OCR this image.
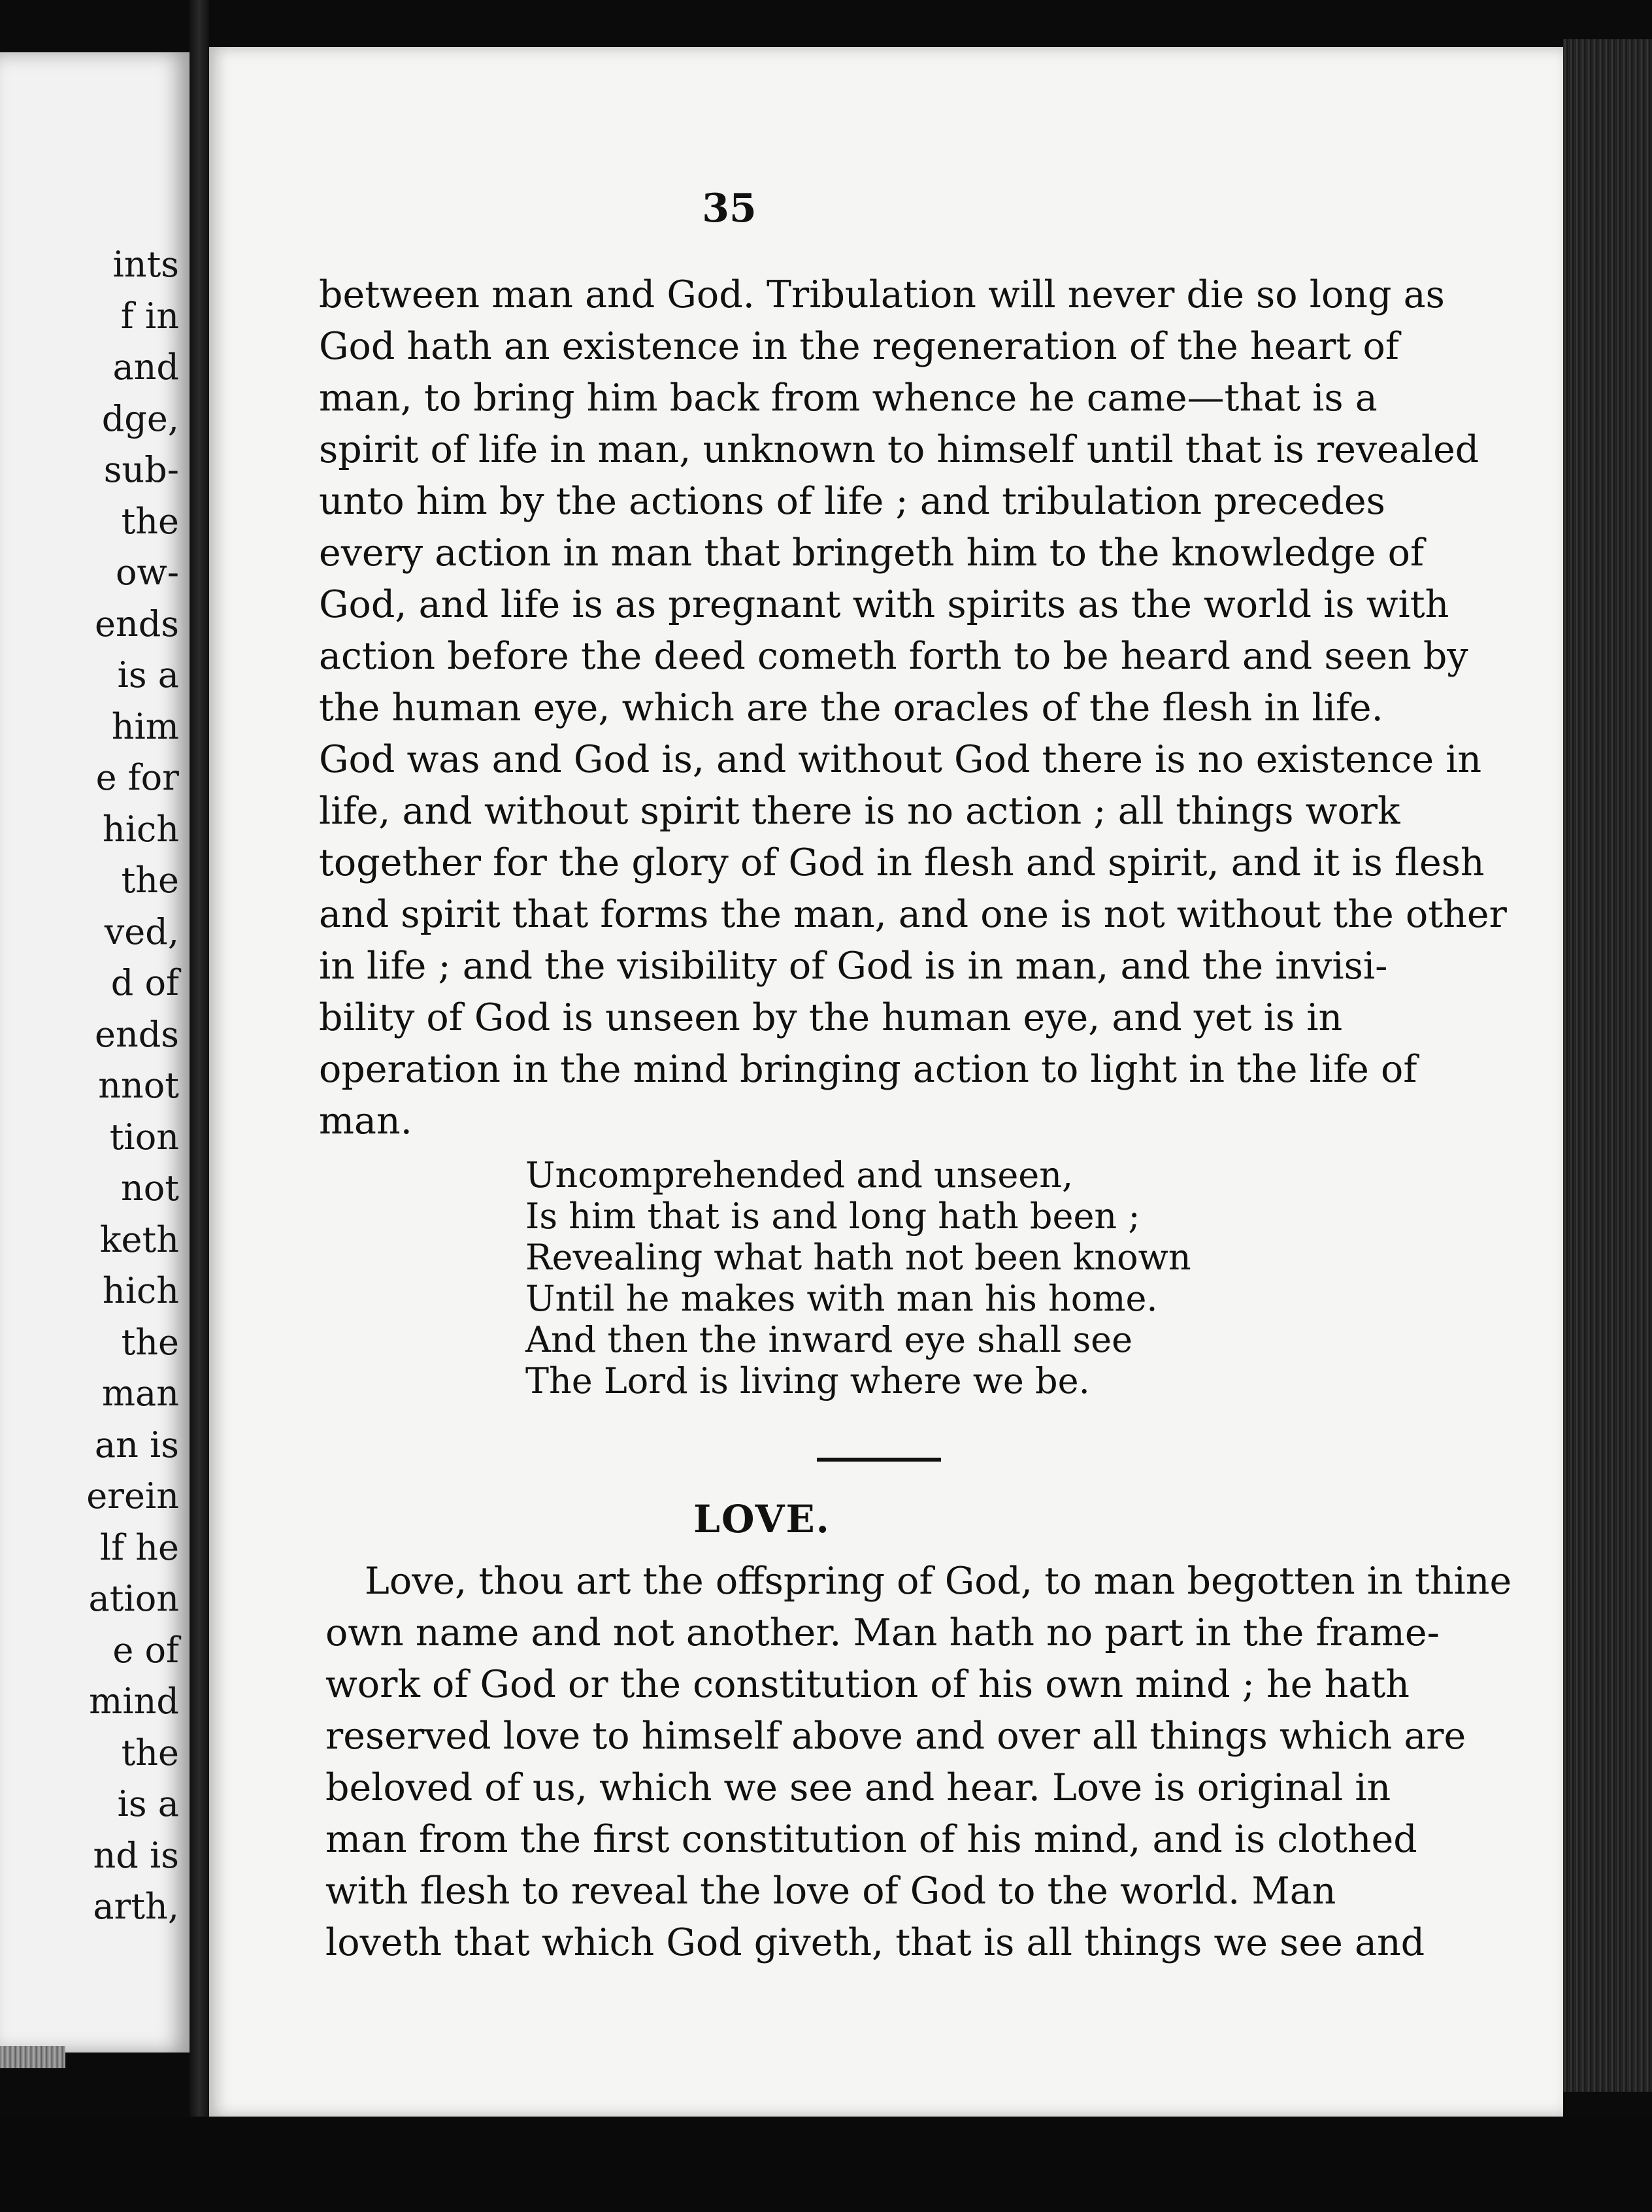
ints
f in
and
dge,
sub-
the
ow-
ends
is a
him
e for
hich
the
ved,
d of
ends
nnot
tion
not
keth
hich
the
man
an is
erein
lf he
ation
e of
mind
the
is a
nd is
arth,
35
between man and God. Tribulation will never die so long as
God hath an existence in the regeneration of the heart of
man, to bring him back from whence he came—that is a
spirit of life in man, unknown to himself until that is revealed
unto him by the actions of life ; and tribulation precedes
every action in man that bringeth him to the knowledge of
God, and life is as pregnant with spirits as the world is with
action before the deed cometh forth to be heard and seen by
the human eye, which are the oracles of the flesh in life.
God was and God is, and without God there is no existence in
life, and without spirit there is no action ; all things work
together for the glory of God in flesh and spirit, and it is flesh
and spirit that forms the man, and one is not without the other
in life ; and the visibility of God is in man, and the invisi-
bility of God is unseen by the human eye, and yet is in
operation in the mind bringing action to light in the life of
man.
Uncomprehended and unseen,
Is him that is and long hath been ;
Revealing what hath not been known
Until he makes with man his home.
And then the inward eye shall see
The Lord is living where we be.
LOVE.
Love, thou art the offspring of God, to man begotten in thine
own name and not another. Man hath no part in the frame-
work of God or the constitution of his own mind ; he hath
reserved love to himself above and over all things which are
beloved of us, which we see and hear. Love is original in
man from the first constitution of his mind, and is clothed
with flesh to reveal the love of God to the world. Man
loveth that which God giveth, that is all things we see and
